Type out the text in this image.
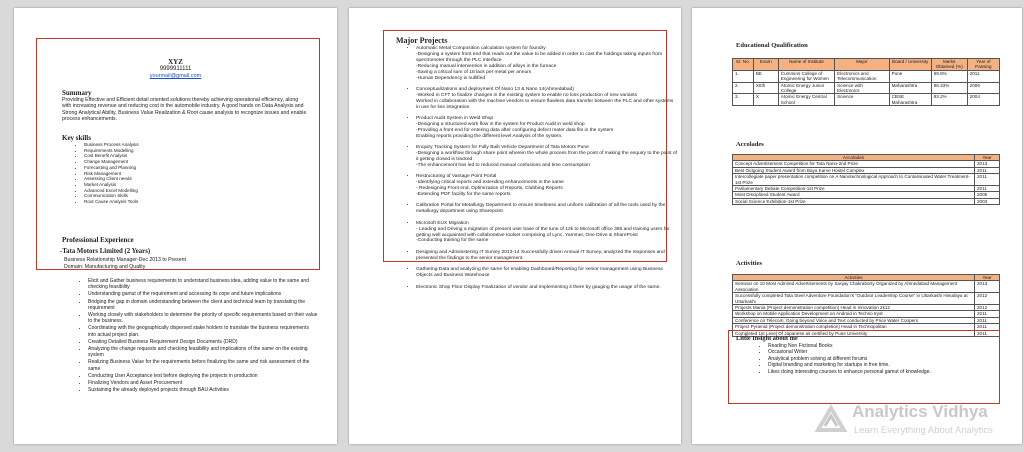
XYZ
9999911111
yourmail@gmail.com
Summary
Providing Effective and Efficient detail oriented solutions thereby achieving operational efficiency, along with increasing revenue and reducing cost in the automobile industry. A good hands on Data Analysis and Strong Analytical Ability, Business Value Realization & Root cause analysis to recognize issues and enable process enhancements.
Key skills
• Business Process Analysis
• Requirements Modelling
• Cost Benefit Analysis
• Change Management
• Forecasting and Planning
• Risk Management
• Assessing Client needs
• Market Analysis
• Advanced Excel Modelling
• Communication Skills
• Root Cause Analysis Tools
Professional Experience
-Tata Motors Limited (2 Years)
Business Relationship Manager-Dec 2013 to Present
Domain: Manufacturing and Quality
• Elicit and Gather business requirements to understand business idea, adding value to the same and checking feasibility
• Understanding gamut of the requirement and accessing its cope and future implications
• Bridging the gap in domain understanding between the client and technical team by translating the requirement
• Working closely with stakeholders to determine the priority of specific requirements based on their value to the business.
• Coordinating with the geographically dispersed stake holders to translate the business requirements into actual project plan.
• Creating Detailed Business Requirement Design Documents (DRD)
• Analyzing the change requests and checking feasibility and implications of the same on the existing system
• Realizing Business Value for the requirements before finalizing the same and risk assessment of the same
• Conducting User Acceptance test before deploying the projects in production
• Finalizing Vendors and Asset Procurement
• Sustaining the already deployed projects through BAU Activities
Major Projects
• Automatic Metal Composition calculation system for foundry
-Designing a system front end that reads out the value to be added in order to cast the holdings taking inputs from spectrometer through the PLC interface
-Reducing manual intervention in addition of alloys in the furnace
-Saving a critical sum of 18 lack per metal per annum
-Human Dependency is nullified
• Conceptualizations and deployment Of Nano 13 & Nano 14(Ahmedabad)
-Worked in CFT to finalize changes in the existing system to enable no loss production of new variants
Worked in collaboration with the machine vendors to ensure flawless data transfer between the PLC and other systems in use for line integration
• Product Audit System in Weld Shop
-Designing a structured work flow in the system for Product Audit in weld shop
-Providing a front end for entering data after configuring defect mater data file in the system
Enabling reports providing the different level Analysis of the system.
• Enquiry Tracking System for Fully Built Vehicle Department of Tata Motors Pune
-Designing a workflow through share point wherein the whole process from the point of making the enquiry to the point of it getting closed is tracked
-The enhancement has led to reduced manual confusions and time consumption
• Restructuring of Vantage Point Portal
-Identifying critical reports and extending enhancements in the same
- Redesigning Front end, Optimization of Reports, Clubbing Reports
-Extending PDF facility for the same reports
• Calibration Portal for Metallurgy Department to ensure timeliness and uniform calibration of all the tools used by the metallurgy department using Sharepoint.
• Microsoft EUX Migration
- Leading and Driving a migration of present user base of the tune of 12k to Microsoft office 365 and training users for getting well acquainted with collaborative toolset comprising of Lync, Yammer, One Drive & SharePoint
-Conducting training for the same
• Designing and Administering IT Survey 2013-14 Successfully driven Annual IT Survey, analyzed the responses and presented the findings to the senior management.
• Gathering Data and analyzing the same for enabling Dashboard/Reporting for senior management using Business Objects and Business Warehouse
• Electronic Shop Floor Display Finalization of vendor and implementing it there by gauging the usage of the same.
Educational Qualification
Sr. No.	Exam	Name of Institute	Major	Board / University	Marks Obtained (%)	Year of Passing
1.	BE	Cummins College of Engineering for Women	Electronics and Telecommunication	Pune	69.8%	2011
2.	XIIth	Atomic Energy Junior College	Science with Electronics	Maharashtra	88.33%	2006
3.	X	Atomic Energy Central School	Science	CBSE Maharashtra	93.2%	2004
Accolades
Accolades	Year
Concept Advertisement Competition for Tata Nano-2nd Prize	2013
Best Outgoing Student Award from Baya Karve Hostel Complex	2011
Intercollegiate paper presentation competition on A Nanotechnological Approach to Contaminated Water Treatment-1st Prize	2011
Parliamentary Debate Competition-1st Prize	2011
Most Disciplined Student Award	2005
Social Science Exhibition-1st Prize	2003
Activities
Activities	Year
Seminar on 10 Most Admired Advertisements by Sanjay Chakraborty Organized by Ahmedabad Management Association	2013
Successfully completed Tata Steel Adventure Foundation's "Outdoor Leadership Course" in Uttarkashi Himalaya at Uttarkashi	2012
Projects Mania (Project demonstration competition) Head in Innovation 2k12	2012
Workshop on Mobile Application Development on Android in Techno tryst	2011
Conference on Telecom: Going beyond Voice and Text conducted by Price Water Coopers	2011
Project Pyramid (Project demonstration completion) Head in Technopolitan	2011
Completed 1st Level Of Japanese as certified by Pune University	2011
Little Insight about me
• Reading Non Fictional Books
• Occasional Writer
• Analytical problem solving at different forums
• Digital branding and marketing for startups in free time.
• Likes doing interesting courses to enhance personal gamut of knowledge.
Analytics Vidhya
Learn Everything About Analytics
